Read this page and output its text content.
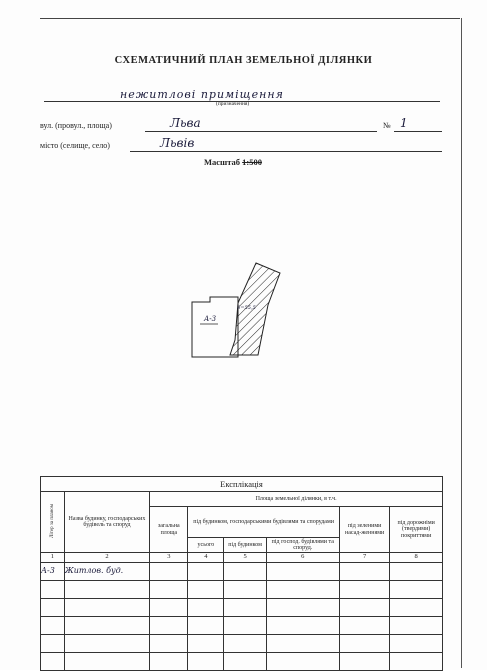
СХЕМАТИЧНИЙ ПЛАН ЗЕМЕЛЬНОЇ ДІЛЯНКИ
нежитлові приміщення
(призначення)
вул. (провул., площа)	Льва	№ 1
місто (селище, село)	Львів
Масштаб 1:500
А-3
S=55,5
Експлікація							
Літер за планом	Назва будинку, господарських будівель та споруд	Площа земельної ділянки, в т.ч.					
		загальна площа	під будинком, господарськими будівлями та спорудами			під зеленими насад-женнями	під дорожніми (твердими) покриттями
			усього	під будинком	під господ. будівлями та споруд.		
1	2	3	4	5	6	7	8
А-3	Житлов. буд.						
